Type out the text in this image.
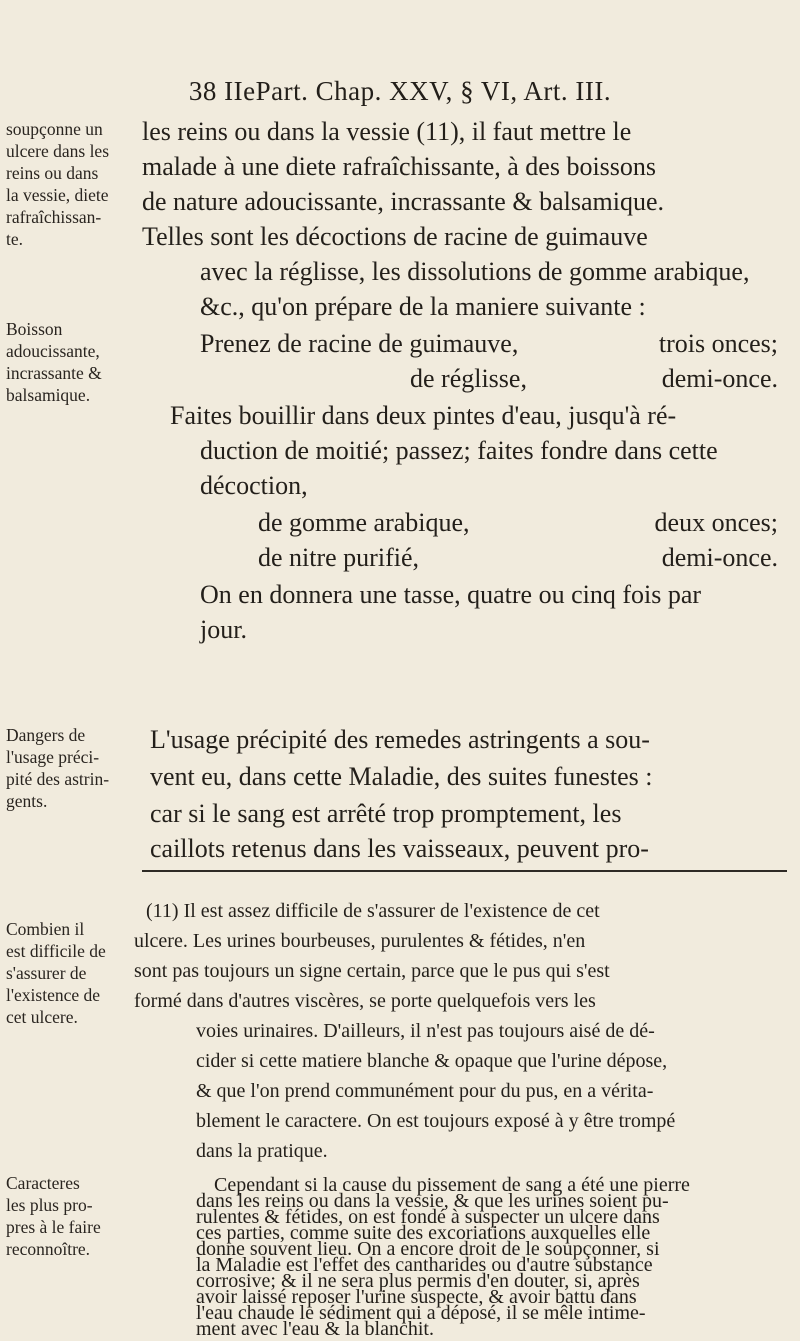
38 IIePart. Chap. XXV, § VI, Art. III.
soupçonne un
ulcere dans les
reins ou dans
la vessie, diete
rafraîchissan-
te.
Boisson
adoucissante,
incrassante &
balsamique.
Dangers de
l'usage préci-
pité des astrin-
gents.
Combien il
est difficile de
s'assurer de
l'existence de
cet ulcere.
Caracteres
les plus pro-
pres à le faire
reconnoître.
les reins ou dans la vessie (11), il faut mettre le
malade à une diete rafraîchissante, à des boissons
de nature adoucissante, incrassante & balsamique.
Telles sont les décoctions de racine de guimauve
avec la réglisse, les dissolutions de gomme arabique,
&c., qu'on prépare de la maniere suivante :
Prenez de racine de guimauve,	trois onces;
de réglisse,	demi-once.
Faites bouillir dans deux pintes d'eau, jusqu'à ré-
duction de moitié; passez; faites fondre dans cette
décoction,
de gomme arabique,	deux onces;
de nitre purifié,	demi-once.
On en donnera une tasse, quatre ou cinq fois par
jour.
L'usage précipité des remedes astringents a sou-
vent eu, dans cette Maladie, des suites funestes :
car si le sang est arrêté trop promptement, les
caillots retenus dans les vaisseaux, peuvent pro-
(11) Il est assez difficile de s'assurer de l'existence de cet
ulcere. Les urines bourbeuses, purulentes & fétides, n'en
sont pas toujours un signe certain, parce que le pus qui s'est
formé dans d'autres viscères, se porte quelquefois vers les
voies urinaires. D'ailleurs, il n'est pas toujours aisé de dé-
cider si cette matiere blanche & opaque que l'urine dépose,
& que l'on prend communément pour du pus, en a vérita-
blement le caractere. On est toujours exposé à y être trompé
dans la pratique.
Cependant si la cause du pissement de sang a été une pierre
dans les reins ou dans la vessie, & que les urines soient pu-
rulentes & fétides, on est fondé à suspecter un ulcere dans
ces parties, comme suite des excoriations auxquelles elle
donne souvent lieu. On a encore droit de le soupçonner, si
la Maladie est l'effet des cantharides ou d'autre substance
corrosive; & il ne sera plus permis d'en douter, si, après
avoir laissé reposer l'urine suspecte, & avoir battu dans
l'eau chaude le sédiment qui a déposé, il se mêle intime-
ment avec l'eau & la blanchit.
